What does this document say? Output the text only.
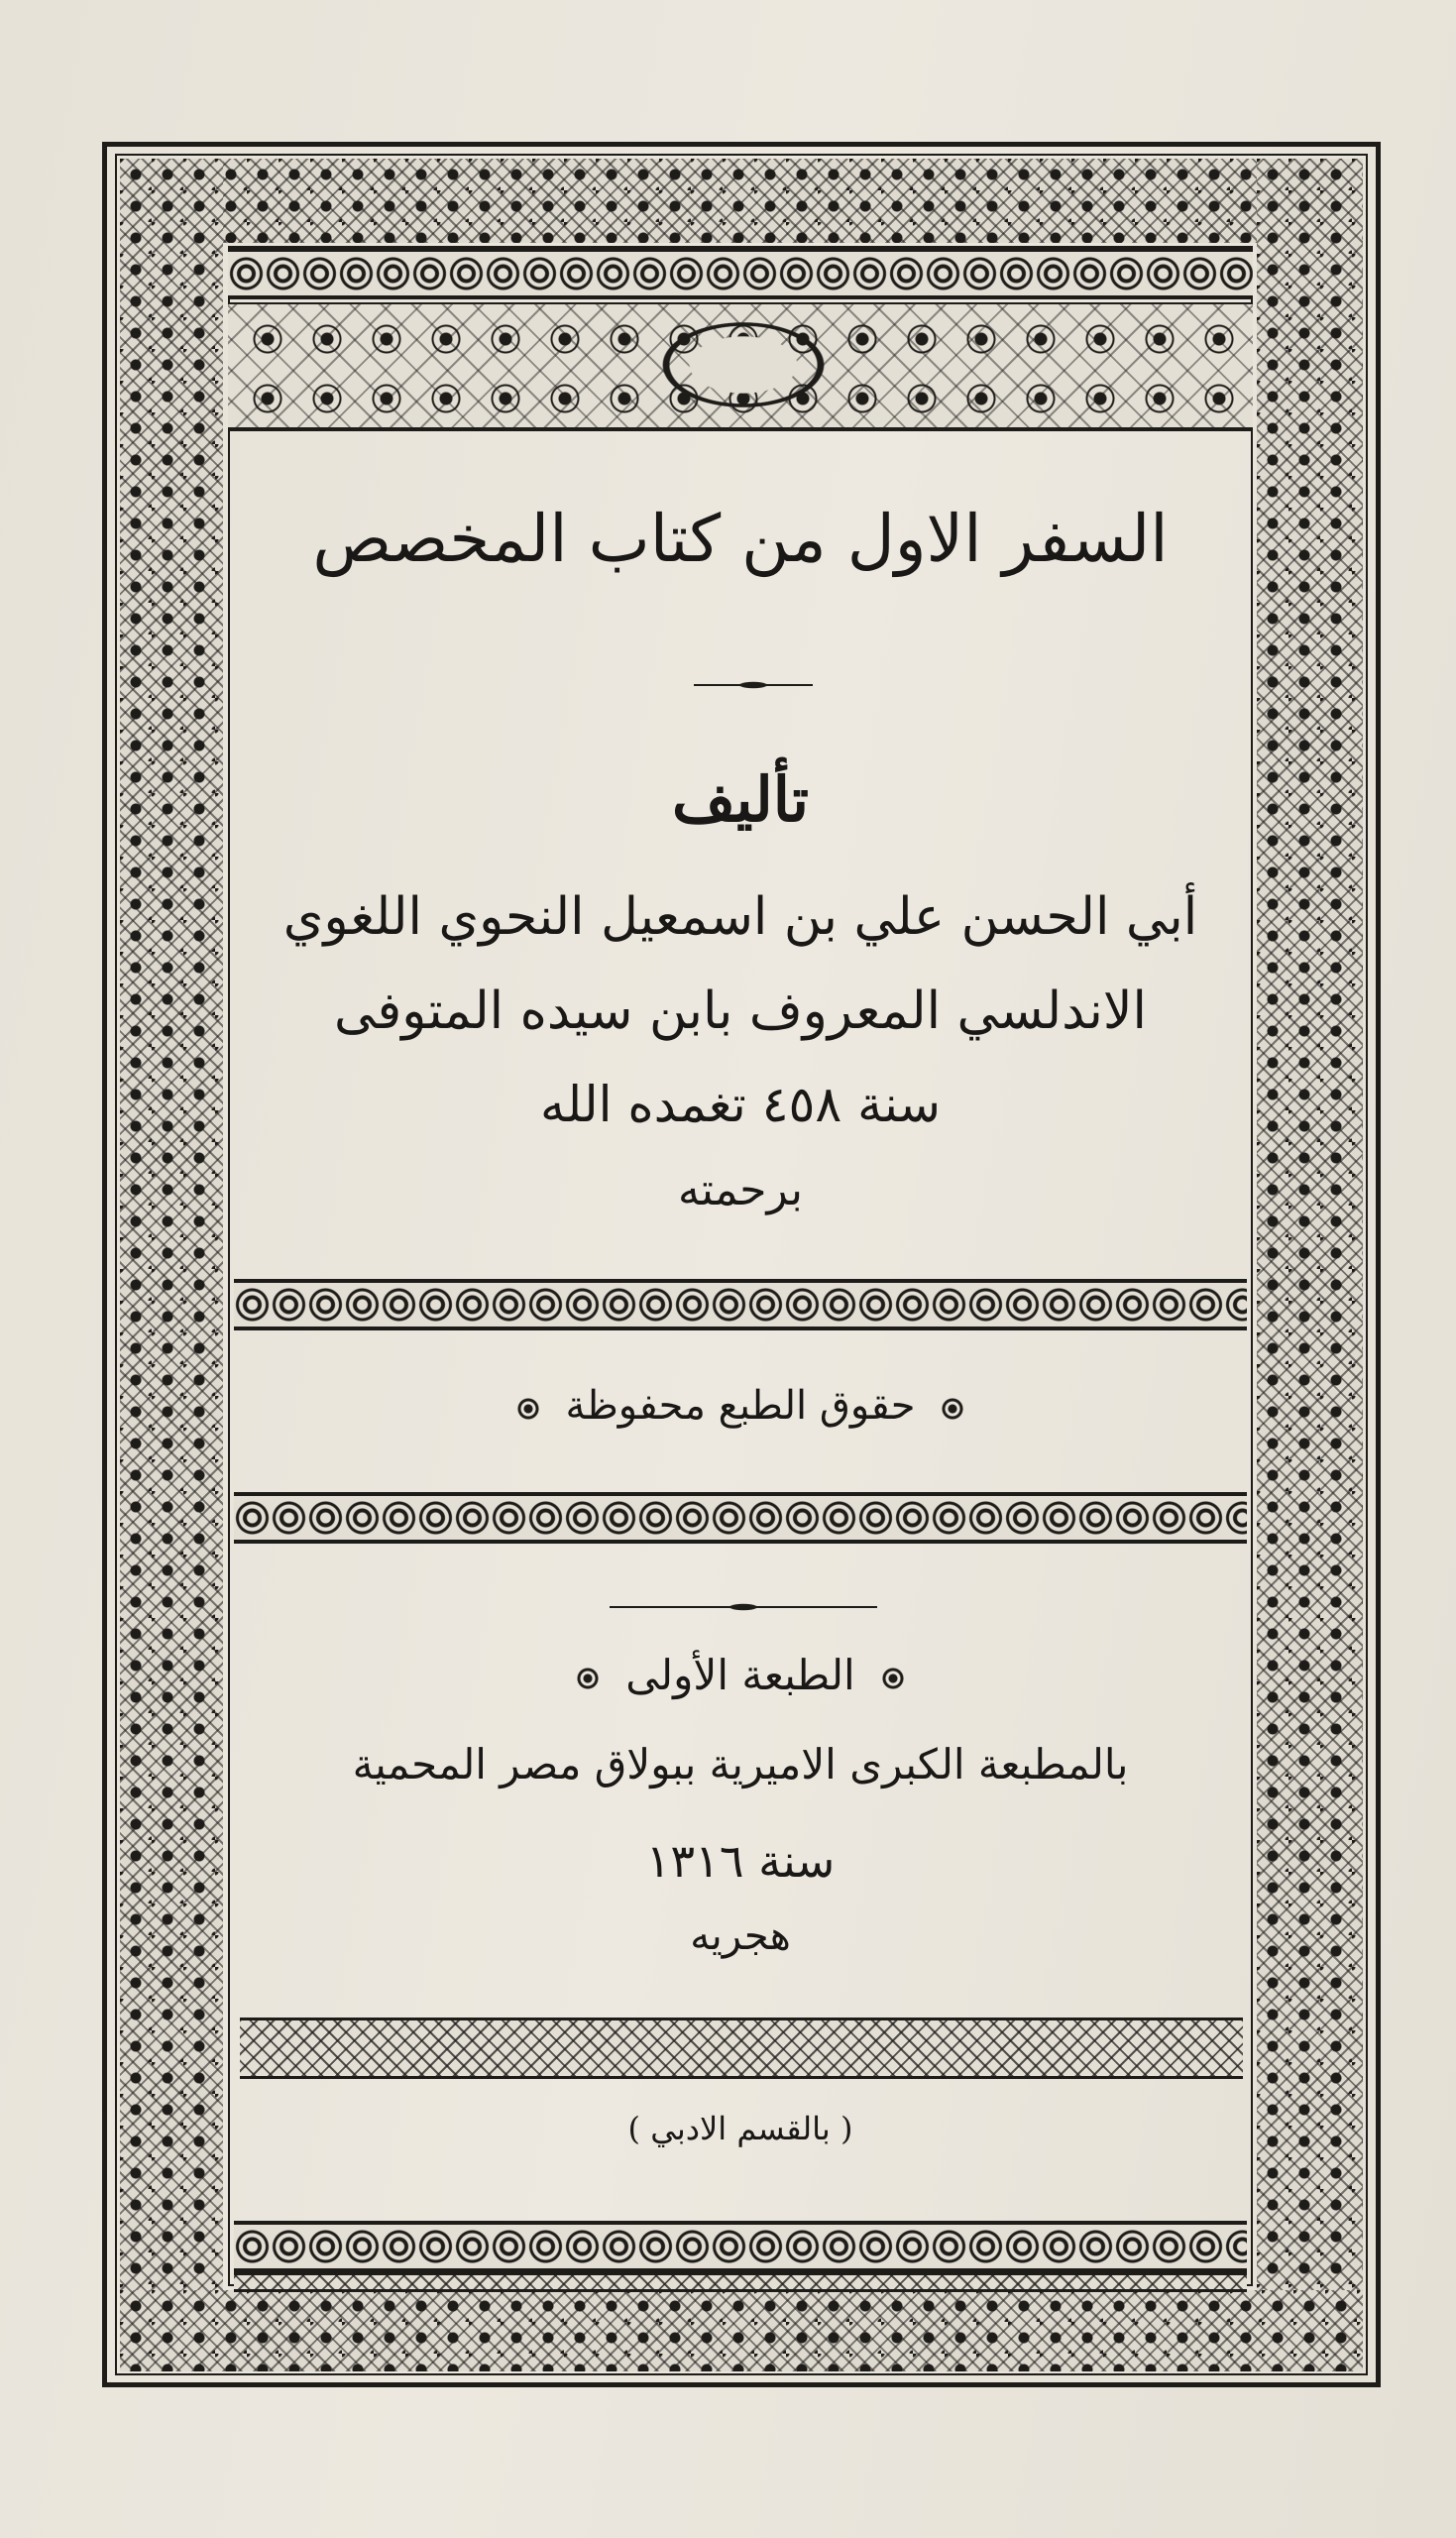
السفر الاول من كتاب المخصص
تأليف
أبي الحسن علي بن اسمعيل النحوي اللغوي
الاندلسي المعروف بابن سيده المتوفى
سنة ٤٥٨ تغمده الله
برحمته
حقوق الطبع محفوظة
الطبعة الأولى
بالمطبعة الكبرى الاميرية ببولاق مصر المحمية
سنة ١٣١٦
هجريه
( بالقسم الادبي )
